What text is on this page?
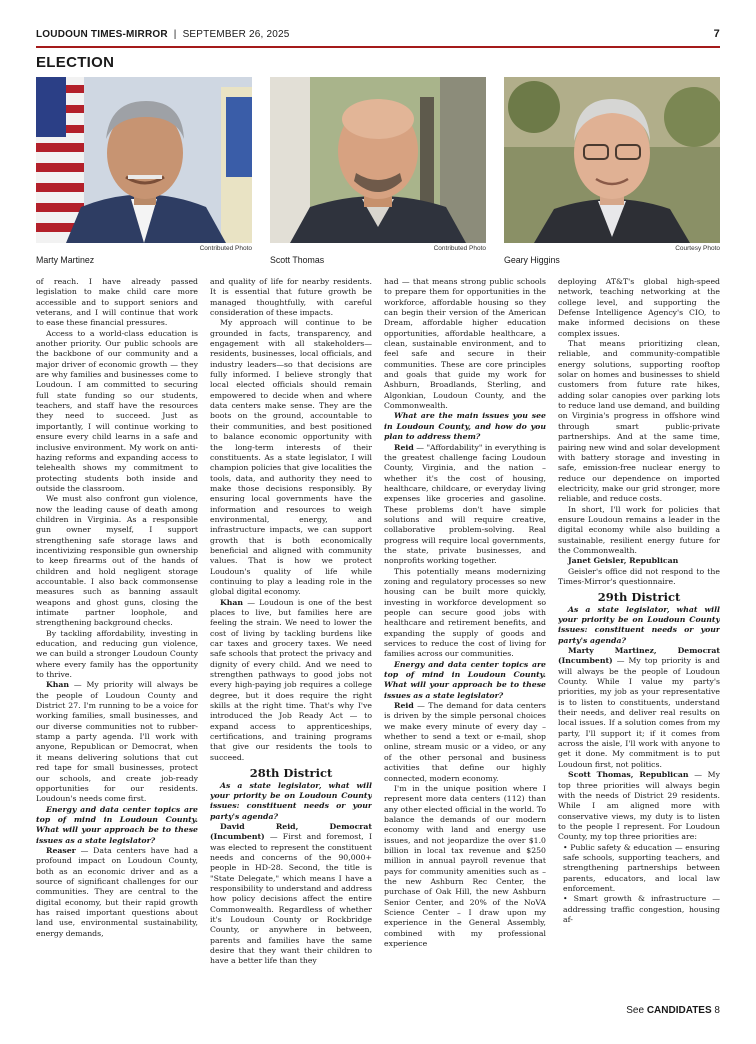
LOUDOUN TIMES-MIRROR | SEPTEMBER 26, 2025	7
ELECTION
Contributed Photo
Marty Martinez
Contributed Photo
Scott Thomas
Courtesy Photo
Geary Higgins

of reach. I have already passed legislation to make child care more accessible and to support seniors and veterans, and I will continue that work to ease these financial pressures.

Access to a world-class education is another priority. Our public schools are the backbone of our community and a major driver of economic growth — they are why families and businesses come to Loudoun. I am committed to securing full state funding so our students, teachers, and staff have the resources they need to succeed. Just as importantly, I will continue working to ensure every child learns in a safe and inclusive environment. My work on anti-hazing reforms and expanding access to telehealth shows my commitment to protecting students both inside and outside the classroom.

We must also confront gun violence, now the leading cause of death among children in Virginia. As a responsible gun owner myself, I support strengthening safe storage laws and incentivizing responsible gun ownership to keep firearms out of the hands of children and hold negligent storage accountable. I also back commonsense measures such as banning assault weapons and ghost guns, closing the intimate partner loophole, and strengthening background checks.

By tackling affordability, investing in education, and reducing gun violence, we can build a stronger Loudoun County where every family has the opportunity to thrive.

Khan — My priority will always be the people of Loudoun County and District 27. I'm running to be a voice for working families, small businesses, and our diverse communities not to rubber-stamp a party agenda. I'll work with anyone, Republican or Democrat, when it means delivering solutions that cut red tape for small businesses, protect our schools, and create job-ready opportunities for our residents. Loudoun's needs come first.

Energy and data center topics are top of mind in Loudoun County. What will your approach be to these issues as a state legislator?

Reaser — Data centers have had a profound impact on Loudoun County, both as an economic driver and as a source of significant challenges for our communities. They are central to the digital economy, but their rapid growth has raised important questions about land use, environmental sustainability, energy demands,

and quality of life for nearby residents. It is essential that future growth be managed thoughtfully, with careful consideration of these impacts.

My approach will continue to be grounded in facts, transparency, and engagement with all stakeholders—residents, businesses, local officials, and industry leaders—so that decisions are fully informed. I believe strongly that local elected officials should remain empowered to decide when and where data centers make sense. They are the boots on the ground, accountable to their communities, and best positioned to balance economic opportunity with the long-term interests of their constituents. As a state legislator, I will champion policies that give localities the tools, data, and authority they need to make those decisions responsibly. By ensuring local governments have the information and resources to weigh environmental, energy, and infrastructure impacts, we can support growth that is both economically beneficial and aligned with community values. That is how we protect Loudoun's quality of life while continuing to play a leading role in the global digital economy.

Khan — Loudoun is one of the best places to live, but families here are feeling the strain. We need to lower the cost of living by tackling burdens like car taxes and grocery taxes. We need safe schools that protect the privacy and dignity of every child. And we need to strengthen pathways to good jobs not every high-paying job requires a college degree, but it does require the right skills at the right time. That's why I've introduced the Job Ready Act — to expand access to apprenticeships, certifications, and training programs that give our residents the tools to succeed.

28th District

As a state legislator, what will your priority be on Loudoun County issues: constituent needs or your party's agenda?

David Reid, Democrat (Incumbent) — First and foremost, I was elected to represent the constituent needs and concerns of the 90,000+ people in HD-28. Second, the title is "State Delegate," which means I have a responsibility to understand and address how policy decisions affect the entire Commonwealth. Regardless of whether it's Loudoun County or Rockbridge County, or anywhere in between, parents and families have the same desire that they want their children to have a better life than they

had — that means strong public schools to prepare them for opportunities in the workforce, affordable housing so they can begin their version of the American Dream, affordable higher education opportunities, affordable healthcare, a clean, sustainable environment, and to feel safe and secure in their communities. These are core principles and goals that guide my work for Ashburn, Broadlands, Sterling, and Algonkian, Loudoun County, and the Commonwealth.

What are the main issues you see in Loudoun County, and how do you plan to address them?

Reid — "Affordability" in everything is the greatest challenge facing Loudoun County, Virginia, and the nation – whether it's the cost of housing, healthcare, childcare, or everyday living expenses like groceries and gasoline. These problems don't have simple solutions and will require creative, collaborative problem-solving. Real progress will require local governments, the state, private businesses, and nonprofits working together.

This potentially means modernizing zoning and regulatory processes so new housing can be built more quickly, investing in workforce development so people can secure good jobs with healthcare and retirement benefits, and expanding the supply of goods and services to reduce the cost of living for families across our communities.

Energy and data center topics are top of mind in Loudoun County. What will your approach be to these issues as a state legislator?

Reid — The demand for data centers is driven by the simple personal choices we make every minute of every day – whether to send a text or e-mail, shop online, stream music or a video, or any of the other personal and business activities that define our highly connected, modern economy.

I'm in the unique position where I represent more data centers (112) than any other elected official in the world. To balance the demands of our modern economy with land and energy use issues, and not jeopardize the over $1.0 billion in local tax revenue and $250 million in annual payroll revenue that pays for community amenities such as – the new Ashburn Rec Center, the purchase of Oak Hill, the new Ashburn Senior Center, and 20% of the NoVA Science Center – I draw upon my experience in the General Assembly, combined with my professional experience

deploying AT&T's global high-speed network, teaching networking at the college level, and supporting the Defense Intelligence Agency's CIO, to make informed decisions on these complex issues.

That means prioritizing clean, reliable, and community-compatible energy solutions, supporting rooftop solar on homes and businesses to shield customers from future rate hikes, adding solar canopies over parking lots to reduce land use demand, and building on Virginia's progress in offshore wind through smart public-private partnerships. And at the same time, pairing new wind and solar development with battery storage and investing in safe, emission-free nuclear energy to reduce our dependence on imported electricity, make our grid stronger, more reliable, and reduce costs.

In short, I'll work for policies that ensure Loudoun remains a leader in the digital economy while also building a sustainable, resilient energy future for the Commonwealth.

Janet Geisler, Republican

Geisler's office did not respond to the Times-Mirror's questionnaire.

29th District

As a state legislator, what will your priority be on Loudoun County issues: constituent needs or your party's agenda?

Marty Martinez, Democrat (Incumbent) — My top priority is and will always be the people of Loudoun County. While I value my party's priorities, my job as your representative is to listen to constituents, understand their needs, and deliver real results on local issues. If a solution comes from my party, I'll support it; if it comes from across the aisle, I'll work with anyone to get it done. My commitment is to put Loudoun first, not politics.

Scott Thomas, Republican — My top three priorities will always begin with the needs of District 29 residents. While I am aligned more with conservative views, my duty is to listen to the people I represent. For Loudoun County, my top three priorities are:

• Public safety & education — ensuring safe schools, supporting teachers, and strengthening partnerships between parents, educators, and local law enforcement.

• Smart growth & infrastructure — addressing traffic congestion, housing af-

See CANDIDATES 8
